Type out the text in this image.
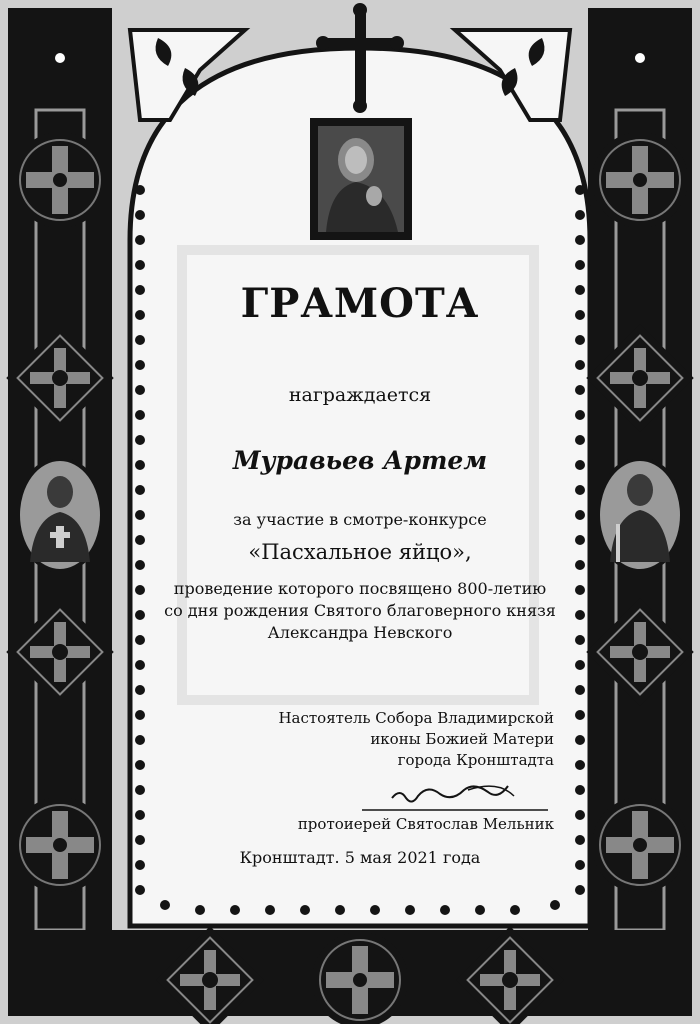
ГРАМОТА

награждается

Муравьев Артем

за участие в смотре-конкурсе

«Пасхальное яйцо»,

проведение которого посвящено 800-летию
со дня рождения Святого благоверного князя
Александра Невского
Настоятель Собора Владимирской
иконы Божией Матери
города Кронштадта

протоиерей Святослав Мельник

Кронштадт. 5 мая 2021 года
